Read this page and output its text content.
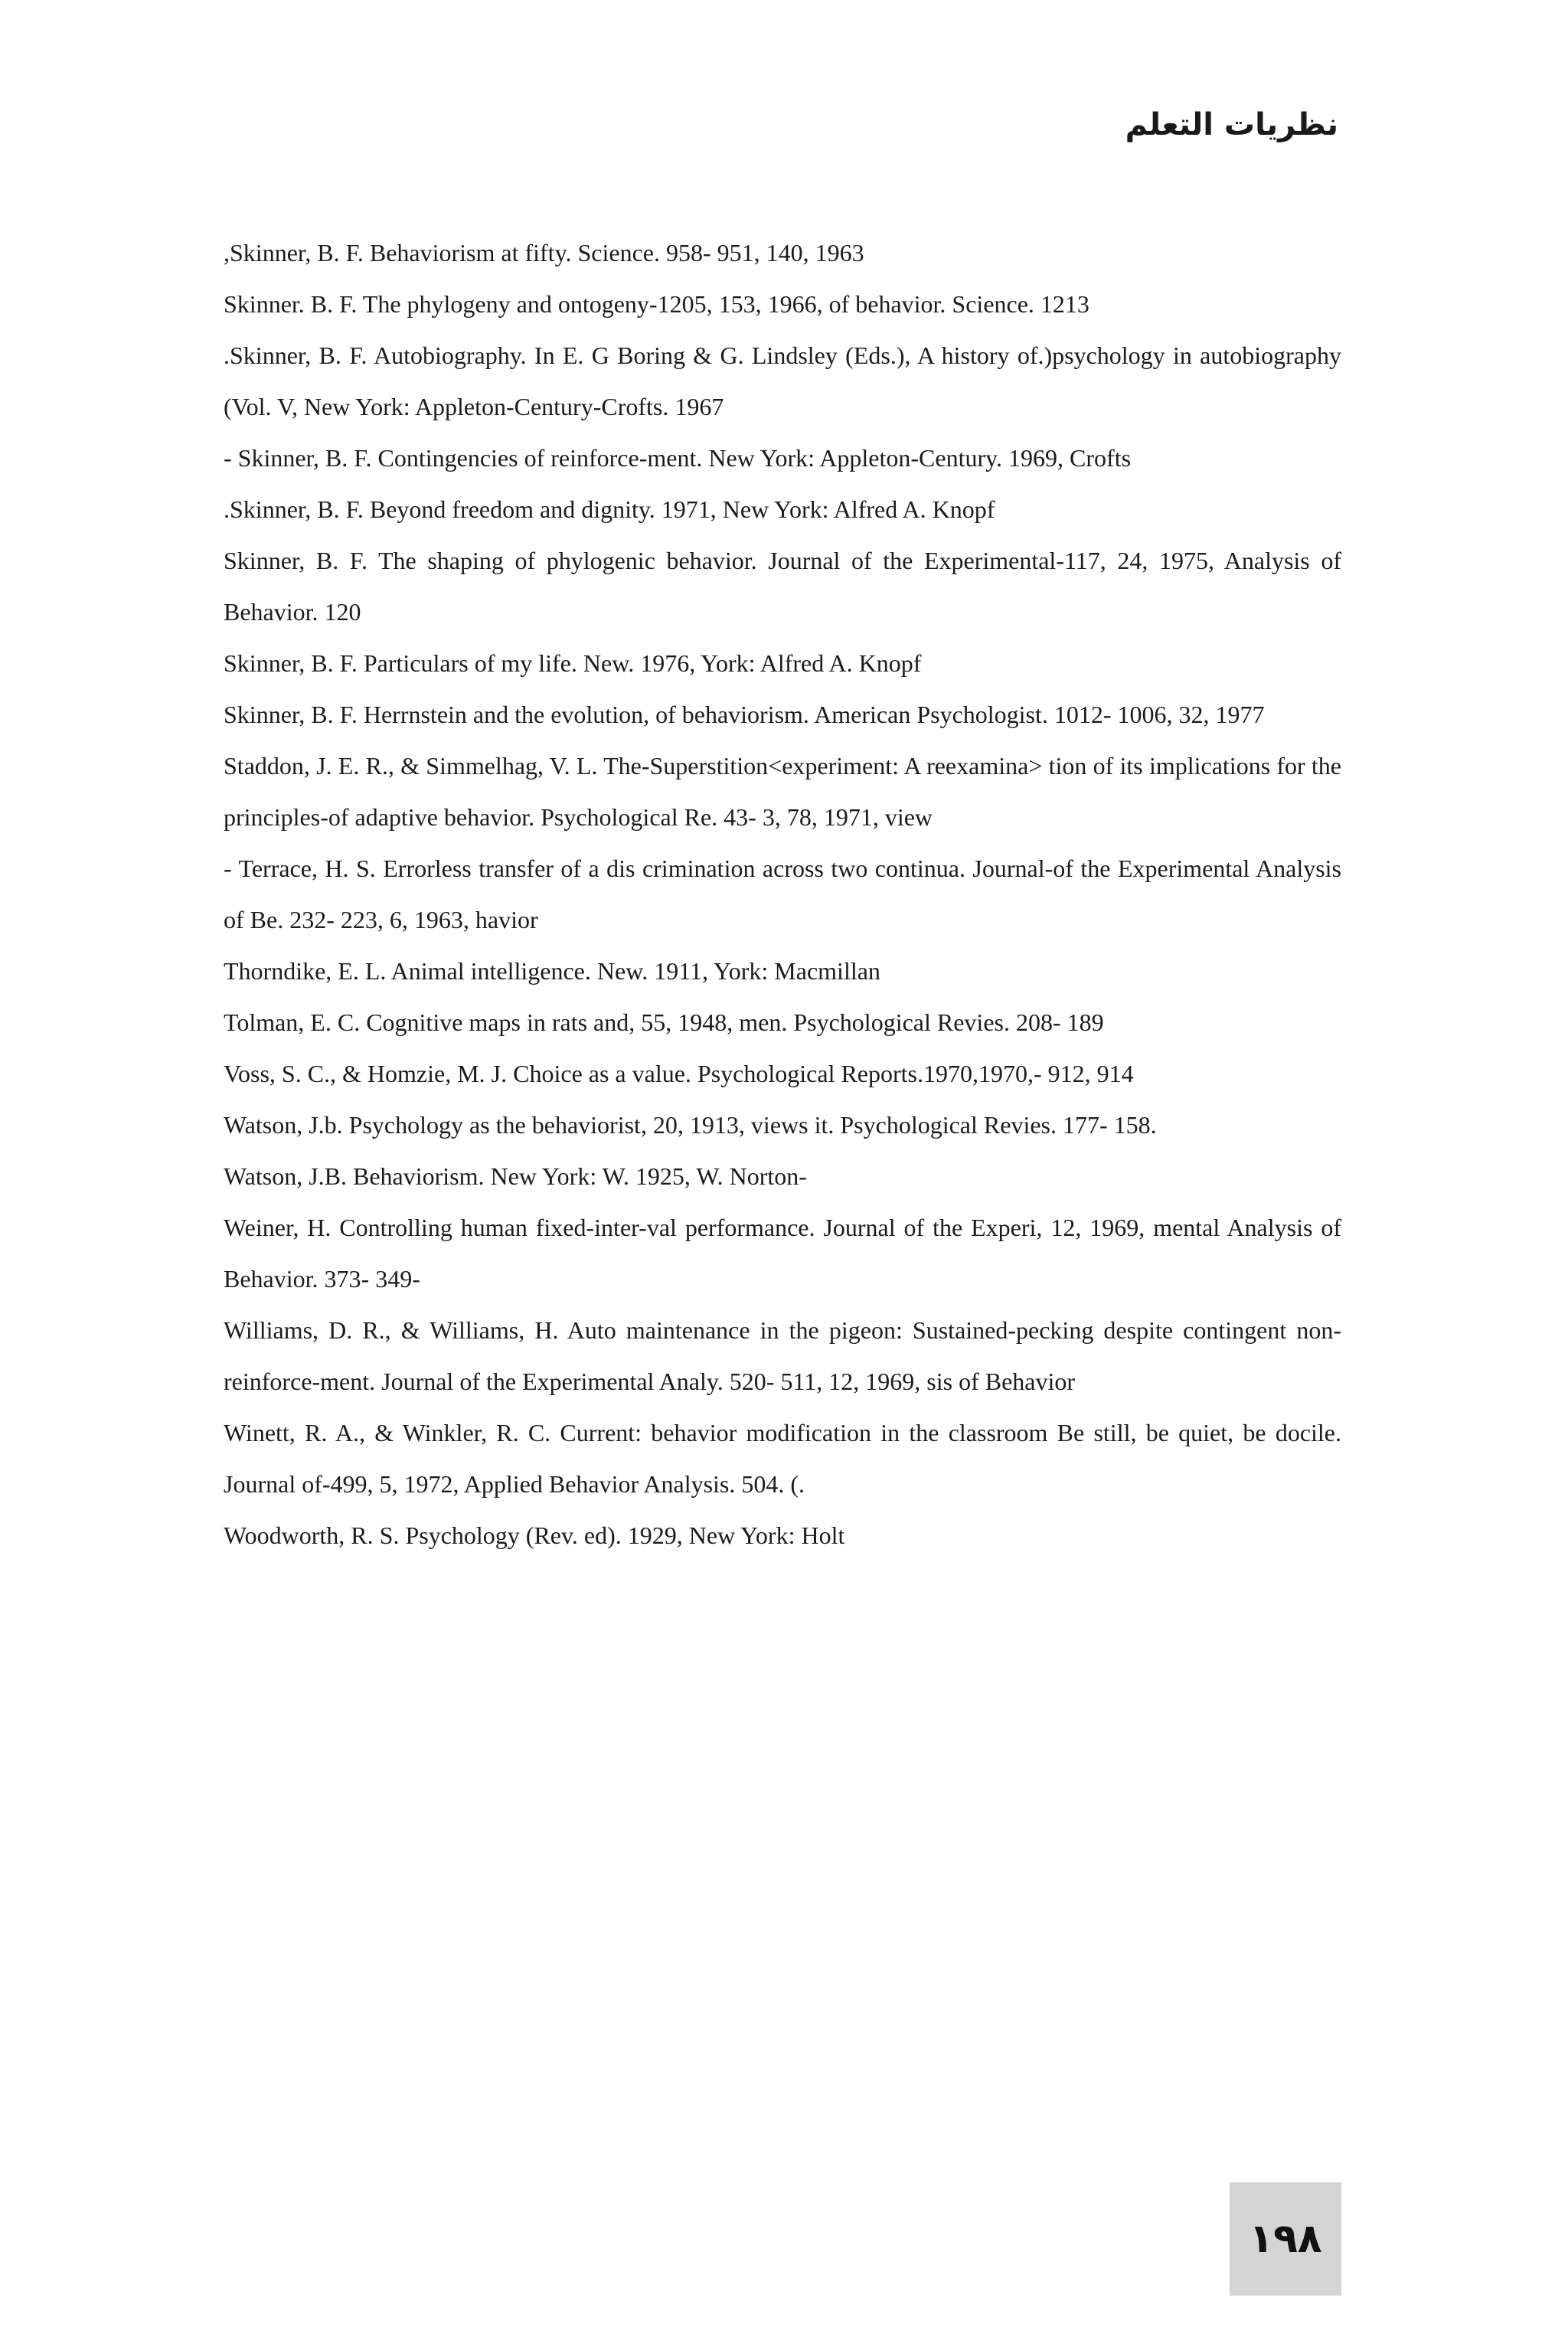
نظريات التعلم

,Skinner, B. F. Behaviorism at fifty. Science. 958- 951, 140, 1963

Skinner. B. F. The phylogeny and ontogeny-1205, 153, 1966, of behavior. Science. 1213

.Skinner, B. F. Autobiography. In E. G Boring & G. Lindsley (Eds.), A history of.)psychology in autobiography (Vol. V, New York: Appleton-Century-Crofts. 1967

- Skinner, B. F. Contingencies of reinforce-ment. New York: Appleton-Century. 1969, Crofts

.Skinner, B. F. Beyond freedom and dignity. 1971, New York: Alfred A. Knopf

Skinner, B. F. The shaping of phylogenic behavior. Journal of the Experimental-117, 24, 1975, Analysis of Behavior. 120

Skinner, B. F. Particulars of my life. New. 1976, York: Alfred A. Knopf

Skinner, B. F. Herrnstein and the evolution, of behaviorism. American Psychologist. 1012- 1006, 32, 1977

Staddon, J. E. R., & Simmelhag, V. L. The-Superstition<experiment: A reexamina> tion of its implications for the principles-of adaptive behavior. Psychological Re. 43- 3, 78, 1971, view

- Terrace, H. S. Errorless transfer of a dis crimination across two continua. Journal-of the Experimental Analysis of Be. 232- 223, 6, 1963, havior

Thorndike, E. L. Animal intelligence. New. 1911, York: Macmillan

Tolman, E. C. Cognitive maps in rats and, 55, 1948, men. Psychological Revies. 208- 189

Voss, S. C., & Homzie, M. J. Choice as a value. Psychological Reports.1970,1970,- 912, 914

Watson, J.b. Psychology as the behaviorist, 20, 1913, views it. Psychological Revies. 177- 158.

Watson, J.B. Behaviorism. New York: W. 1925, W. Norton-

Weiner, H. Controlling human fixed-inter-val performance. Journal of the Experi, 12, 1969, mental Analysis of Behavior. 373- 349-

Williams, D. R., & Williams, H. Auto maintenance in the pigeon: Sustained-pecking despite contingent non-reinforce-ment. Journal of the Experimental Analy. 520- 511, 12, 1969, sis of Behavior

Winett, R. A., & Winkler, R. C. Current: behavior modification in the classroom Be still, be quiet, be docile. Journal of-499, 5, 1972, Applied Behavior Analysis. 504. (.

Woodworth, R. S. Psychology (Rev. ed). 1929, New York: Holt

١٩٨
